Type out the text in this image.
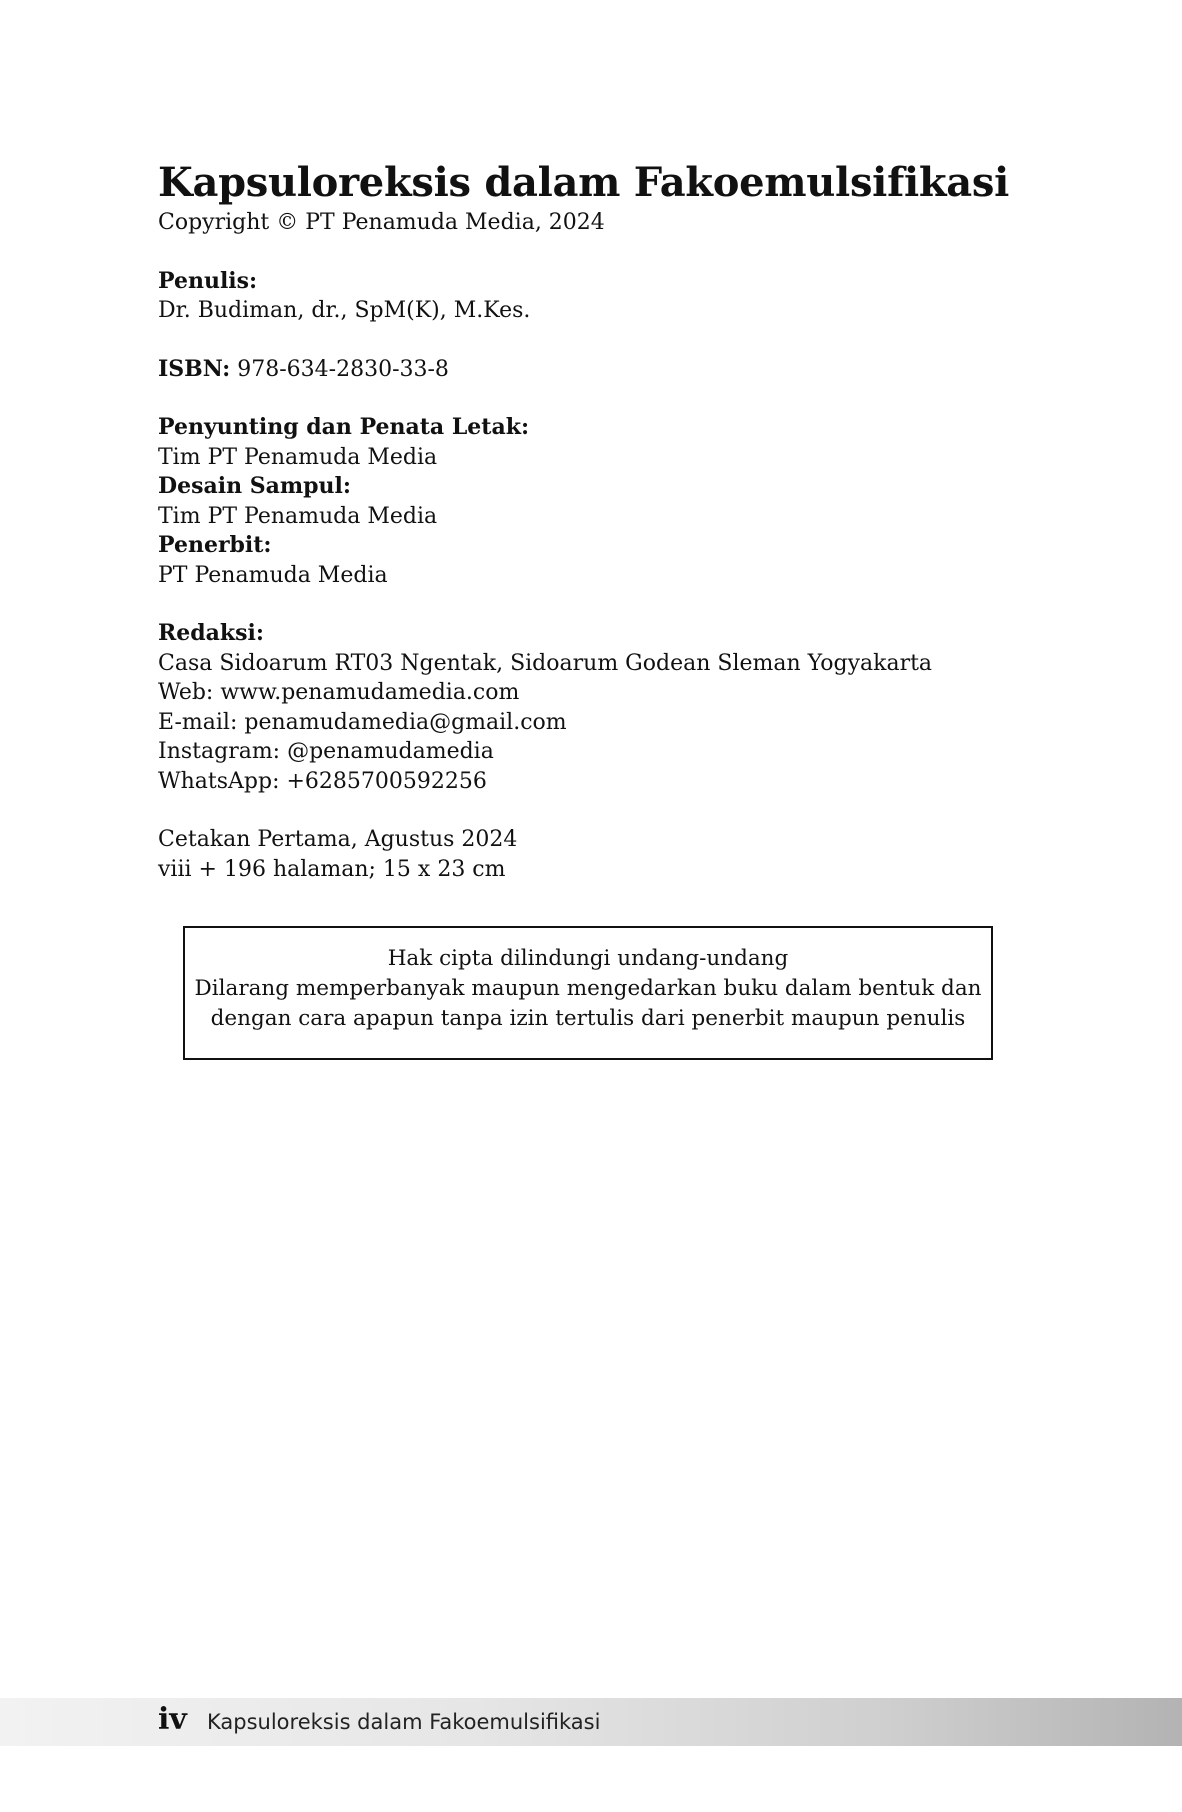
Kapsuloreksis dalam Fakoemulsifikasi

Copyright © PT Penamuda Media, 2024

Penulis:

Dr. Budiman, dr., SpM(K), M.Kes.

ISBN: 978-634-2830-33-8

Penyunting dan Penata Letak:

Tim PT Penamuda Media

Desain Sampul:

Tim PT Penamuda Media

Penerbit:

PT Penamuda Media

Redaksi:

Casa Sidoarum RT03 Ngentak, Sidoarum Godean Sleman Yogyakarta

Web: www.penamudamedia.com

E-mail: penamudamedia@gmail.com

Instagram: @penamudamedia

WhatsApp: +6285700592256

Cetakan Pertama, Agustus 2024

viii + 196 halaman; 15 x 23 cm

Hak cipta dilindungi undang-undang

Dilarang memperbanyak maupun mengedarkan buku dalam bentuk dan

dengan cara apapun tanpa izin tertulis dari penerbit maupun penulis

iv Kapsuloreksis dalam Fakoemulsifikasi
